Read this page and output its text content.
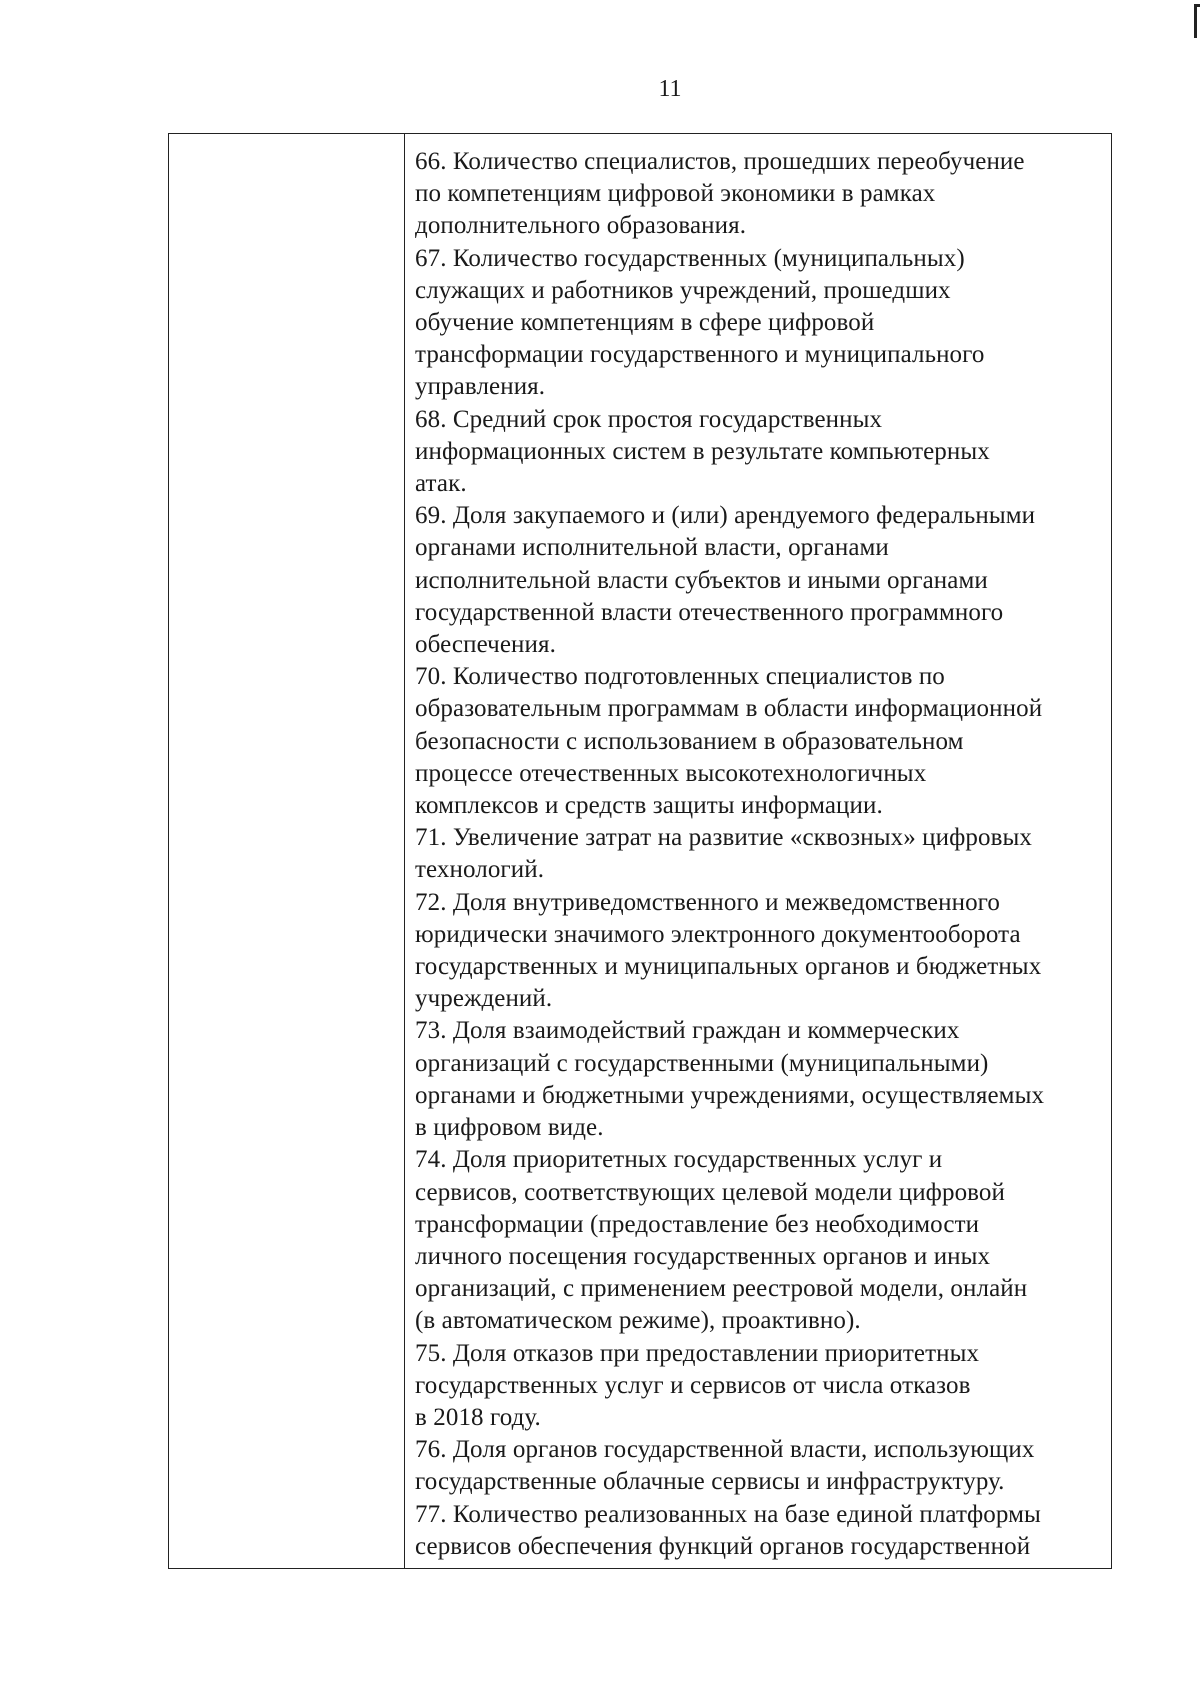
11

66. Количество специалистов, прошедших переобучение
по компетенциям цифровой экономики в рамках
дополнительного образования.
67. Количество государственных (муниципальных)
служащих и работников учреждений, прошедших
обучение компетенциям в сфере цифровой
трансформации государственного и муниципального
управления.
68. Средний срок простоя государственных
информационных систем в результате компьютерных
атак.
69. Доля закупаемого и (или) арендуемого федеральными
органами исполнительной власти, органами
исполнительной власти субъектов и иными органами
государственной власти отечественного программного
обеспечения.
70. Количество подготовленных специалистов по
образовательным программам в области информационной
безопасности с использованием в образовательном
процессе отечественных высокотехнологичных
комплексов и средств защиты информации.
71. Увеличение затрат на развитие «сквозных» цифровых
технологий.
72. Доля внутриведомственного и межведомственного
юридически значимого электронного документооборота
государственных и муниципальных органов и бюджетных
учреждений.
73. Доля взаимодействий граждан и коммерческих
организаций с государственными (муниципальными)
органами и бюджетными учреждениями, осуществляемых
в цифровом виде.
74. Доля приоритетных государственных услуг и
сервисов, соответствующих целевой модели цифровой
трансформации (предоставление без необходимости
личного посещения государственных органов и иных
организаций, с применением реестровой модели, онлайн
(в автоматическом режиме), проактивно).
75. Доля отказов при предоставлении приоритетных
государственных услуг и сервисов от числа отказов
в 2018 году.
76. Доля органов государственной власти, использующих
государственные облачные сервисы и инфраструктуру.
77. Количество реализованных на базе единой платформы
сервисов обеспечения функций органов государственной
